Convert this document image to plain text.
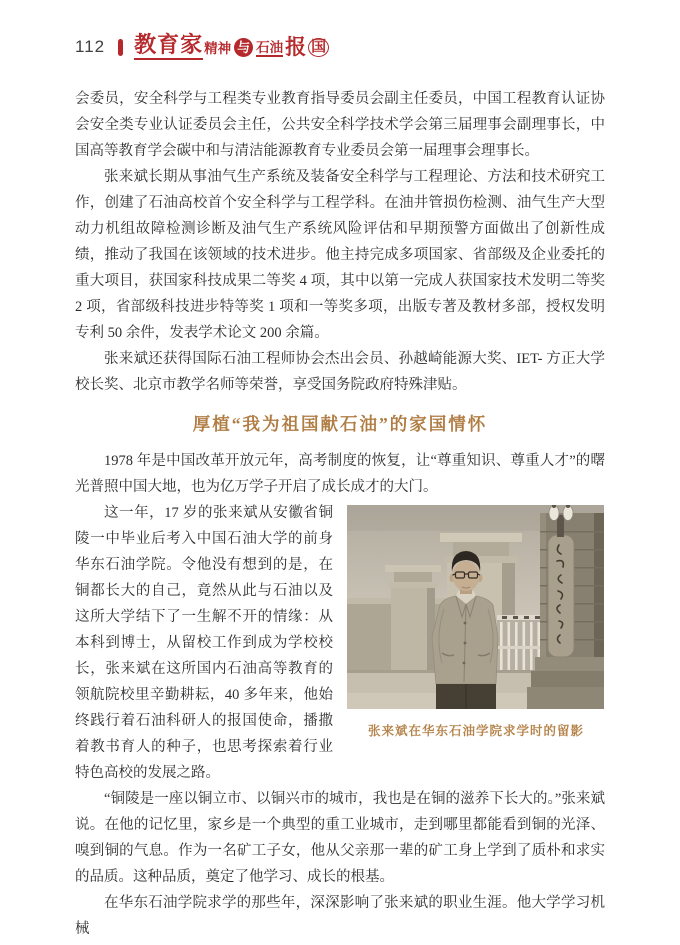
112 教育家 精神 与 石油 报 国

会委员，安全科学与工程类专业教育指导委员会副主任委员，中国工程教育认证协会安全类专业认证委员会主任，公共安全科学技术学会第三届理事会副理事长，中国高等教育学会碳中和与清洁能源教育专业委员会第一届理事会理事长。

张来斌长期从事油气生产系统及装备安全科学与工程理论、方法和技术研究工作，创建了石油高校首个安全科学与工程学科。在油井管损伤检测、油气生产大型动力机组故障检测诊断及油气生产系统风险评估和早期预警方面做出了创新性成绩，推动了我国在该领域的技术进步。他主持完成多项国家、省部级及企业委托的重大项目，获国家科技成果二等奖 4 项，其中以第一完成人获国家技术发明二等奖 2 项，省部级科技进步特等奖 1 项和一等奖多项，出版专著及教材多部，授权发明专利 50 余件，发表学术论文 200 余篇。

张来斌还获得国际石油工程师协会杰出会员、孙越崎能源大奖、IET- 方正大学校长奖、北京市教学名师等荣誉，享受国务院政府特殊津贴。

厚植“我为祖国献石油”的家国情怀

1978 年是中国改革开放元年，高考制度的恢复，让“尊重知识、尊重人才”的曙光普照中国大地，也为亿万学子开启了成长成才的大门。

张来斌在华东石油学院求学时的留影

这一年，17 岁的张来斌从安徽省铜陵一中毕业后考入中国石油大学的前身华东石油学院。令他没有想到的是，在铜都长大的自己，竟然从此与石油以及这所大学结下了一生解不开的情缘：从本科到博士，从留校工作到成为学校校长，张来斌在这所国内石油高等教育的领航院校里辛勤耕耘，40 多年来，他始终践行着石油科研人的报国使命，播撒着教书育人的种子，也思考探索着行业特色高校的发展之路。

“铜陵是一座以铜立市、以铜兴市的城市，我也是在铜的滋养下长大的。”张来斌说。在他的记忆里，家乡是一个典型的重工业城市，走到哪里都能看到铜的光泽、嗅到铜的气息。作为一名矿工子女，他从父亲那一辈的矿工身上学到了质朴和求实的品质。这种品质，奠定了他学习、成长的根基。

在华东石油学院求学的那些年，深深影响了张来斌的职业生涯。他大学学习机械
